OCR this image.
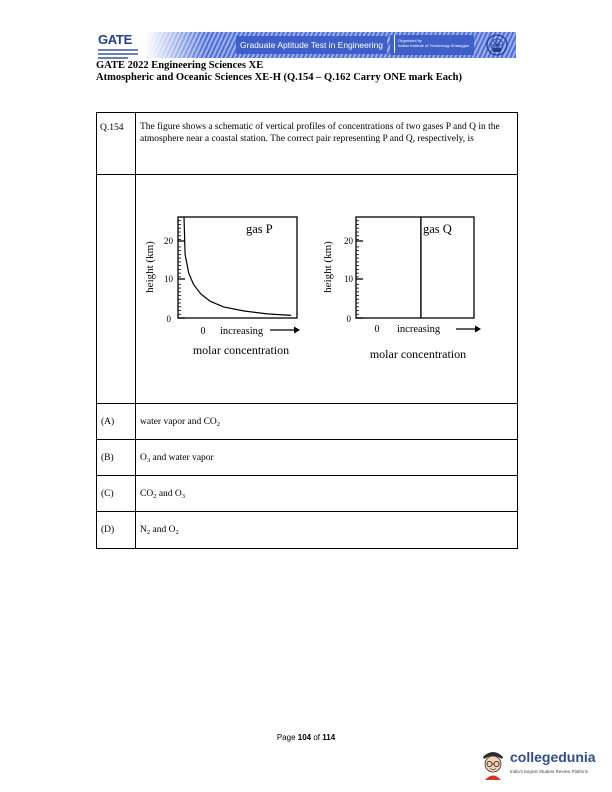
GATE	Graduate Aptitude Test in Engineering	Organised by
Indian Institute of Technology Kharagpur
GATE 2022 Engineering Sciences XE
Atmospheric and Oceanic Sciences XE-H (Q.154 – Q.162 Carry ONE mark Each)
Q.154 The figure shows a schematic of vertical profiles of concentrations of two gases P and Q in the atmosphere near a coastal station. The correct pair representing P and Q, respectively, is
gas P
20
10
0
height (km)
0 increasing
molar concentration
gas Q
20
10
0
height (km)
0 increasing
molar concentration
(A)	water vapor and $CO_2$
(B)	$O_3$ and water vapor
(C)	$CO_2$ and $O_3$
(D)	$N_2$ and $O_2$
Page 104 of 114
collegedunia
India's largest Student Review Platform
